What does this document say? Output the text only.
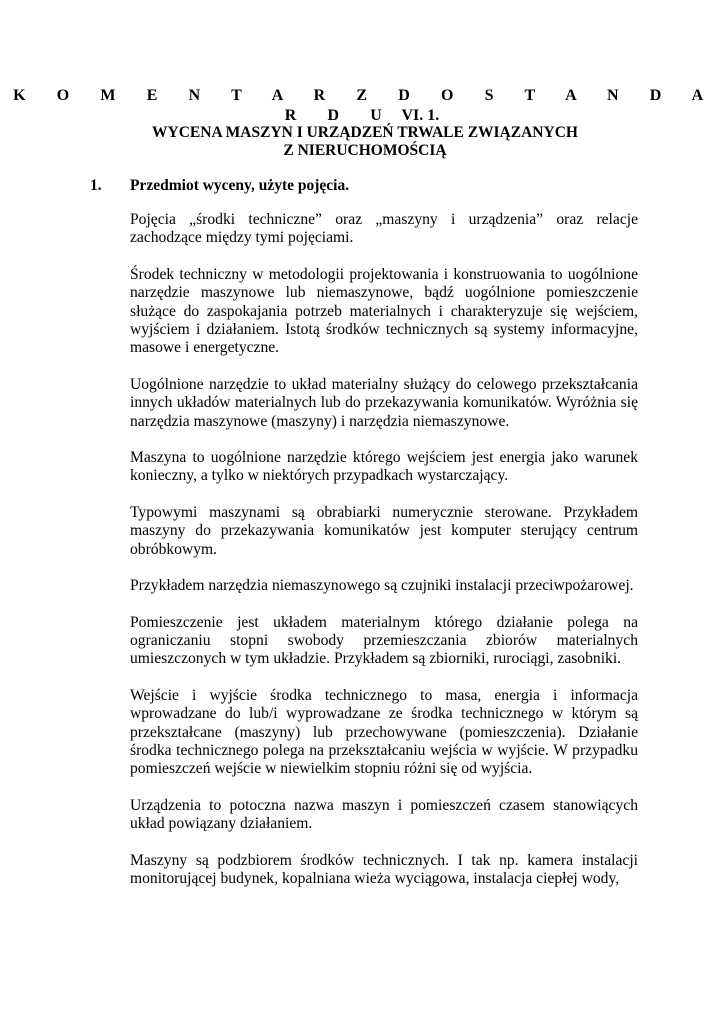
K O M E N T A R Z D O S T A N D A R D U VI. 1.
WYCENA MASZYN I URZĄDZEŃ TRWALE ZWIĄZANYCH
Z NIERUCHOMOŚCIĄ
1. Przedmiot wyceny, użyte pojęcia.

Pojęcia „środki techniczne” oraz „maszyny i urządzenia” oraz relacje zachodzące między tymi pojęciami.

Środek techniczny w metodologii projektowania i konstruowania to uogólnione narzędzie maszynowe lub niemaszynowe, bądź uogólnione pomieszczenie służące do zaspokajania potrzeb materialnych i charakteryzuje się wejściem, wyjściem i działaniem. Istotą środków technicznych są systemy informacyjne, masowe i energetyczne.

Uogólnione narzędzie to układ materialny służący do celowego przekształcania innych układów materialnych lub do przekazywania komunikatów. Wyróżnia się narzędzia maszynowe (maszyny) i narzędzia niemaszynowe.

Maszyna to uogólnione narzędzie którego wejściem jest energia jako warunek konieczny, a tylko w niektórych przypadkach wystarczający.

Typowymi maszynami są obrabiarki numerycznie sterowane. Przykładem maszyny do przekazywania komunikatów jest komputer sterujący centrum obróbkowym.

Przykładem narzędzia niemaszynowego są czujniki instalacji przeciwpożarowej.

Pomieszczenie jest układem materialnym którego działanie polega na ograniczaniu stopni swobody przemieszczania zbiorów materialnych umieszczonych w tym układzie. Przykładem są zbiorniki, rurociągi, zasobniki.

Wejście i wyjście środka technicznego to masa, energia i informacja wprowadzane do lub/i wyprowadzane ze środka technicznego w którym są przekształcane (maszyny) lub przechowywane (pomieszczenia). Działanie środka technicznego polega na przekształcaniu wejścia w wyjście. W przypadku pomieszczeń wejście w niewielkim stopniu różni się od wyjścia.

Urządzenia to potoczna nazwa maszyn i pomieszczeń czasem stanowiących układ powiązany działaniem.

Maszyny są podzbiorem środków technicznych. I tak np. kamera instalacji monitorującej budynek, kopalniana wieża wyciągowa, instalacja ciepłej wody,
